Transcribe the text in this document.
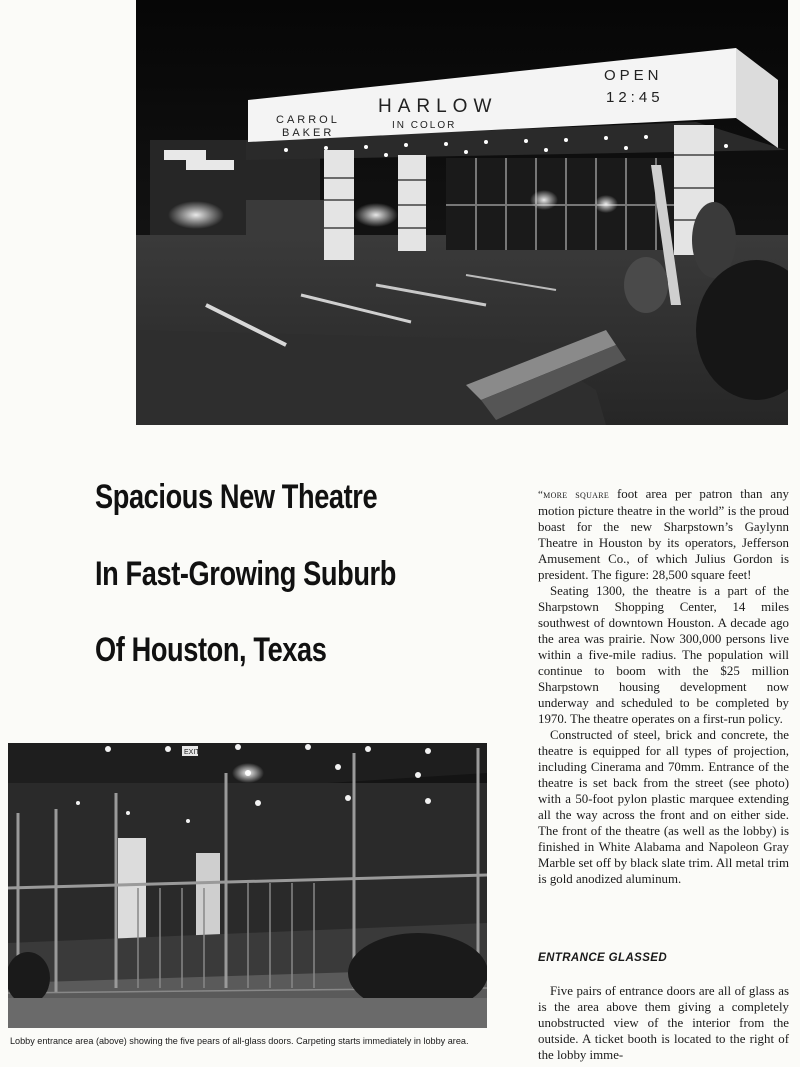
CARROL
BAKER
HARLOW
IN COLOR
OPEN
12:45
Spacious New Theatre
In Fast-Growing Suburb
Of Houston, Texas

“more square foot area per patron than any motion picture theatre in the world” is the proud boast for the new Sharpstown’s Gaylynn Theatre in Houston by its operators, Jefferson Amusement Co., of which Julius Gordon is president. The figure: 28,500 square feet!

Seating 1300, the theatre is a part of the Sharpstown Shopping Center, 14 miles southwest of downtown Houston. A decade ago the area was prairie. Now 300,000 persons live within a five-mile radius. The population will continue to boom with the $25 million Sharpstown housing development now underway and scheduled to be completed by 1970. The theatre operates on a first-run policy.

Constructed of steel, brick and concrete, the theatre is equipped for all types of projection, including Cinerama and 70mm. Entrance of the theatre is set back from the street (see photo) with a 50-foot pylon plastic marquee extending all the way across the front and on either side. The front of the theatre (as well as the lobby) is finished in White Alabama and Napoleon Gray Marble set off by black slate trim. All metal trim is gold anodized aluminum.

ENTRANCE GLASSED

Five pairs of entrance doors are all of glass as is the area above them giving a completely unobstructed view of the interior from the outside. A ticket booth is located to the right of the lobby imme-

EXIT

Lobby entrance area (above) showing the five pears of all-glass doors. Carpeting starts immediately in lobby area.
